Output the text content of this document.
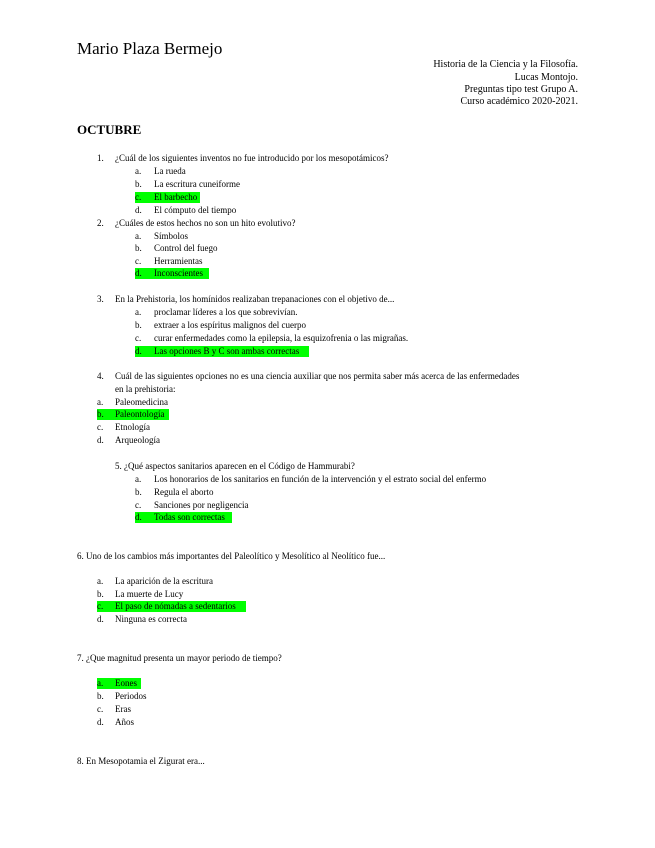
Mario Plaza Bermejo
Historia de la Ciencia y la Filosofía.
Lucas Montojo.
Preguntas tipo test Grupo A.
Curso académico 2020-2021.
OCTUBRE
1. ¿Cuál de los siguientes inventos no fue introducido por los mesopotámicos?
a. La rueda
b. La escritura cuneiforme

c. El barbecho
d. El cómputo del tiempo
2. ¿Cuáles de estos hechos no son un hito evolutivo?
a. Símbolos
b. Control del fuego
c. Herramientas

d. Inconscientes
3. En la Prehistoria, los homínidos realizaban trepanaciones con el objetivo de...
a. proclamar líderes a los que sobrevivían.
b. extraer a los espíritus malignos del cuerpo
c. curar enfermedades como la epilepsia, la esquizofrenia o las migrañas.

d. Las opciones B y C son ambas correctas
4. Cuál de las siguientes opciones no es una ciencia auxiliar que nos permita saber más acerca de las enfermedades
en la prehistoria:
a. Paleomedicina

b. Paleontología
c. Etnología
d. Arqueología
5. ¿Qué aspectos sanitarios aparecen en el Código de Hammurabi?
a. Los honorarios de los sanitarios en función de la intervención y el estrato social del enfermo
b. Regula el aborto
c. Sanciones por negligencia

d. Todas son correctas
6. Uno de los cambios más importantes del Paleolítico y Mesolítico al Neolítico fue...
a. La aparición de la escritura
b. La muerte de Lucy

c. El paso de nómadas a sedentarios
d. Ninguna es correcta
7. ¿Que magnitud presenta un mayor periodo de tiempo?

a. Eones
b. Periodos
c. Eras
d. Años
8. En Mesopotamia el Zigurat era...
